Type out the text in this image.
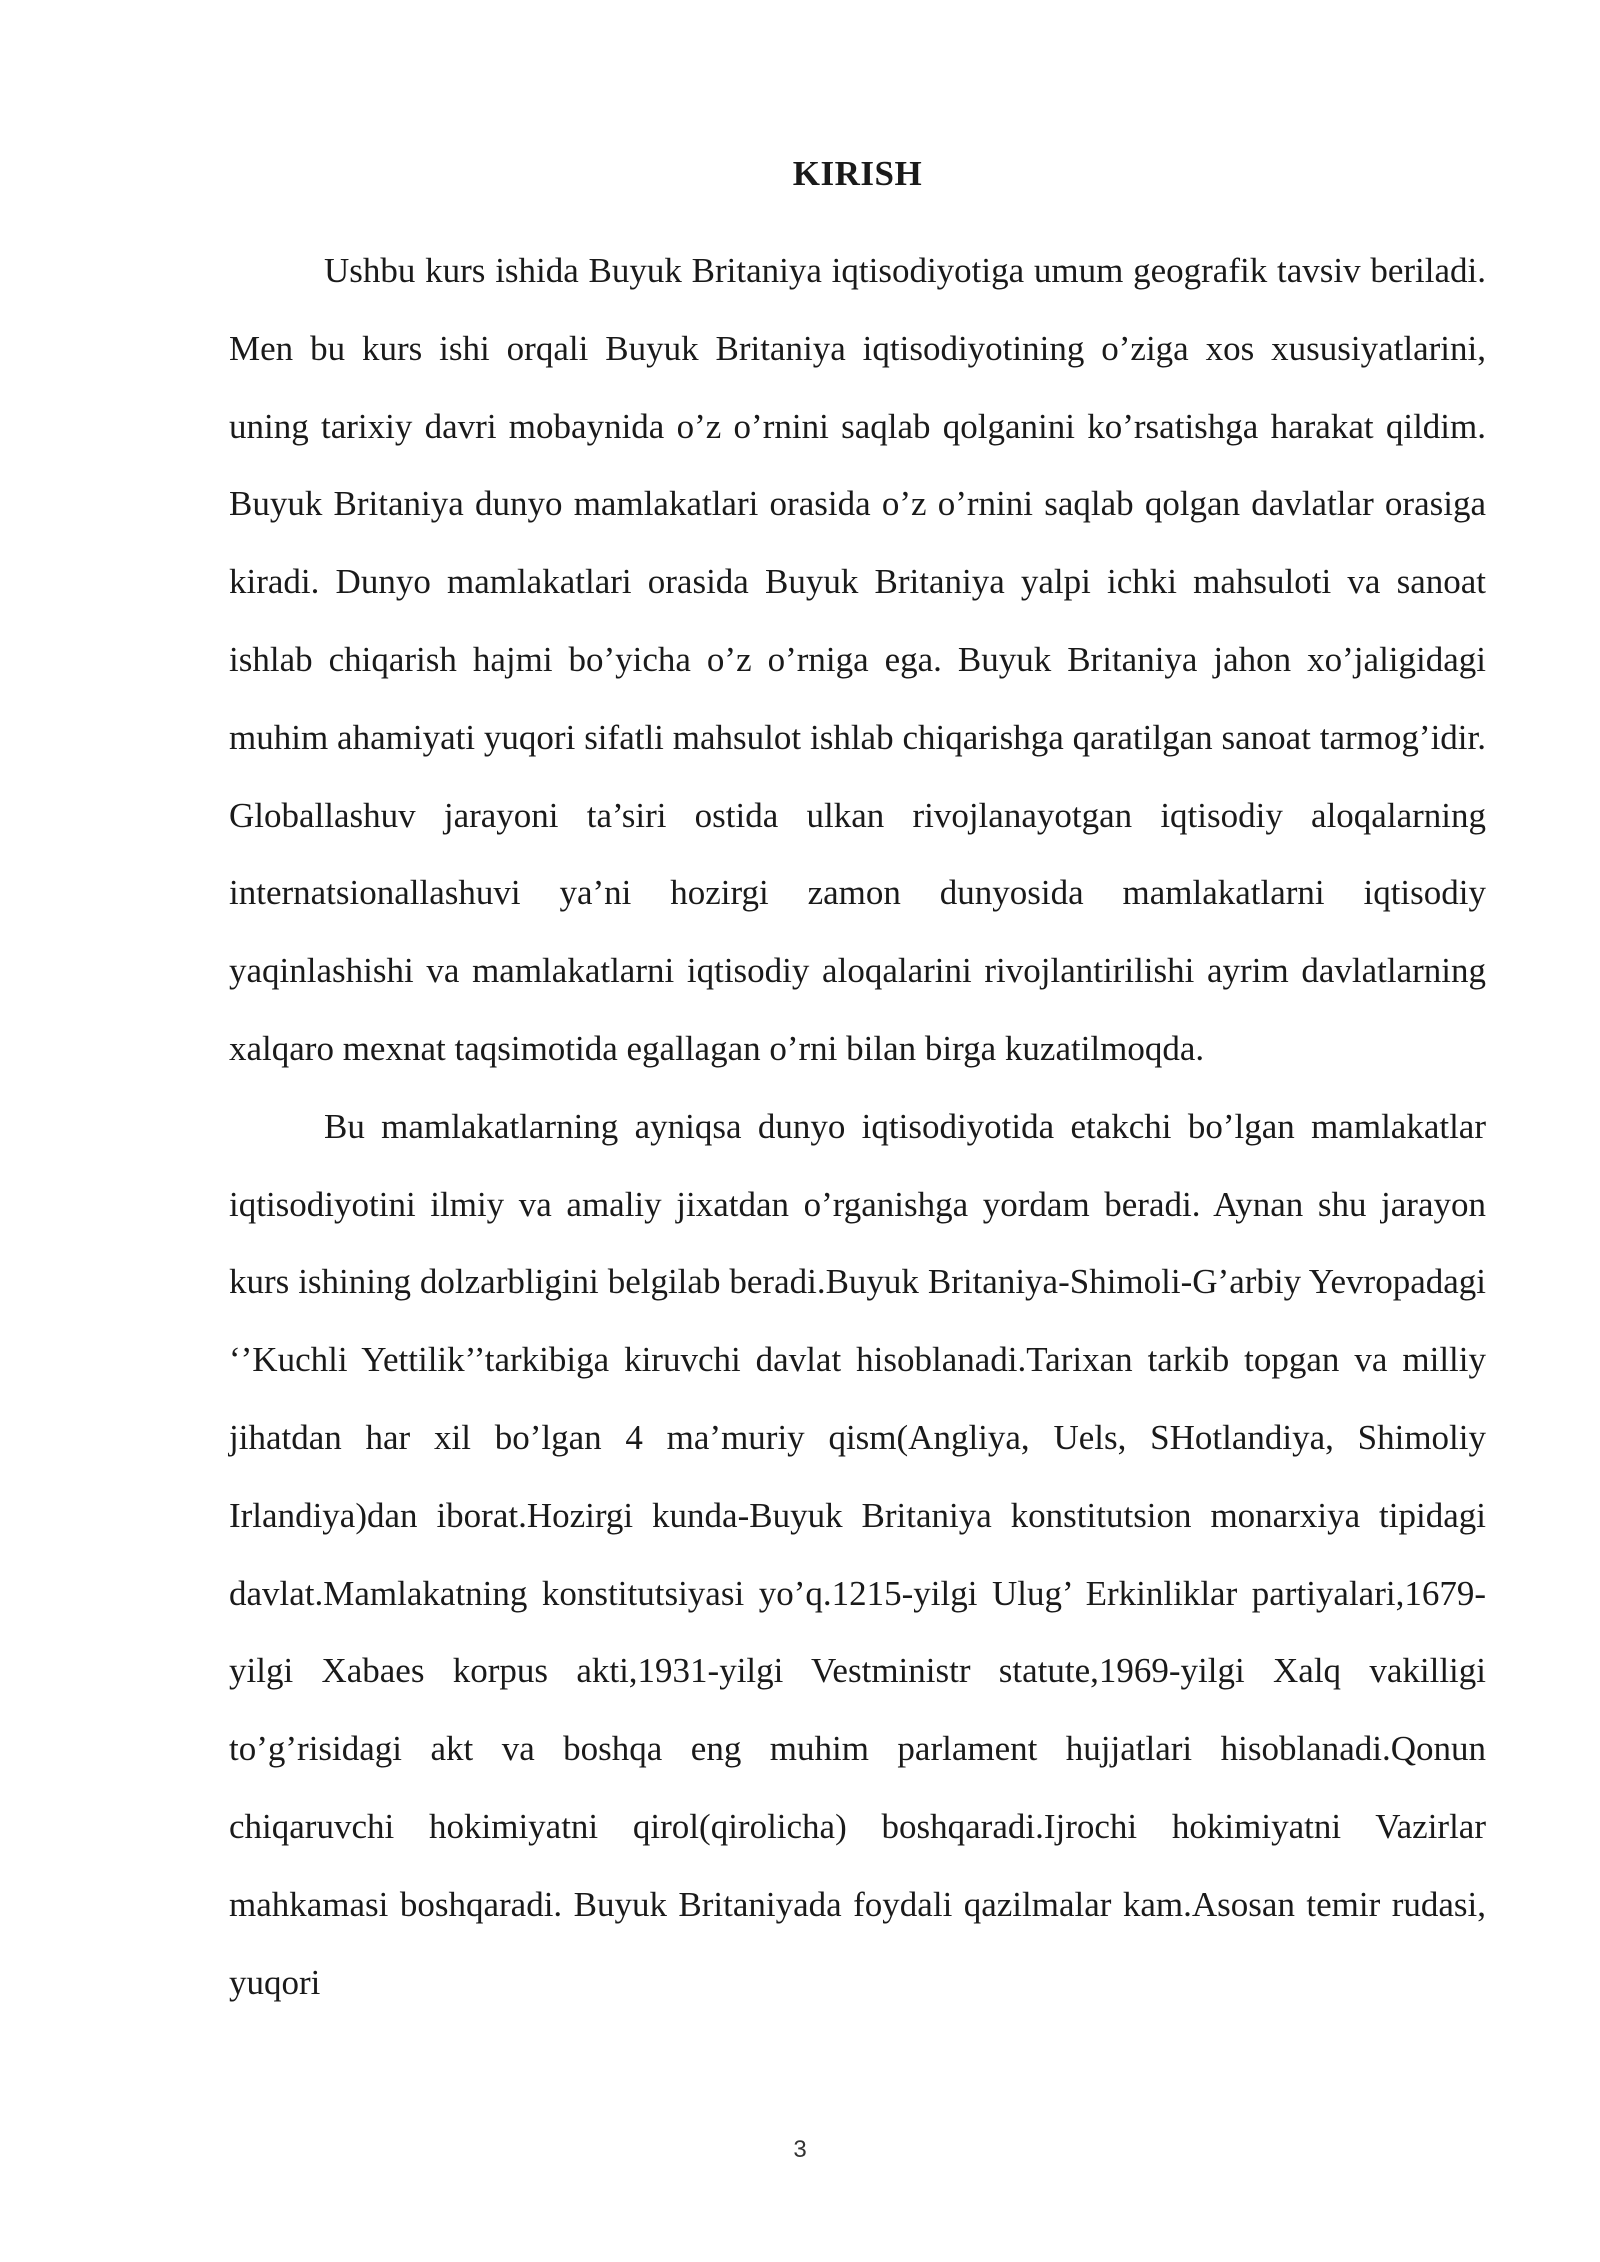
KIRISH

Ushbu kurs ishida Buyuk Britaniya iqtisodiyotiga umum geografik tavsiv beriladi. Men bu kurs ishi orqali Buyuk Britaniya iqtisodiyotining o’ziga xos xususiyatlarini, uning tarixiy davri mobaynida o’z o’rnini saqlab qolganini ko’rsatishga harakat qildim. Buyuk Britaniya dunyo mamlakatlari orasida o’z o’rnini saqlab qolgan davlatlar orasiga kiradi. Dunyo mamlakatlari orasida Buyuk Britaniya yalpi ichki mahsuloti va sanoat ishlab chiqarish hajmi bo’yicha o’z o’rniga ega. Buyuk Britaniya jahon xo’jaligidagi muhim ahamiyati yuqori sifatli mahsulot ishlab chiqarishga qaratilgan sanoat tarmog’idir. Globallashuv jarayoni ta’siri ostida ulkan rivojlanayotgan iqtisodiy aloqalarning internatsionallashuvi ya’ni hozirgi zamon dunyosida mamlakatlarni iqtisodiy yaqinlashishi va mamlakatlarni iqtisodiy aloqalarini rivojlantirilishi ayrim davlatlarning xalqaro mexnat taqsimotida egallagan o’rni bilan birga kuzatilmoqda.

Bu mamlakatlarning ayniqsa dunyo iqtisodiyotida etakchi bo’lgan mamlakatlar iqtisodiyotini ilmiy va amaliy jixatdan o’rganishga yordam beradi. Aynan shu jarayon kurs ishining dolzarbligini belgilab beradi.Buyuk Britaniya-Shimoli-G’arbiy Yevropadagi ‘’Kuchli Yettilik’’tarkibiga kiruvchi davlat hisoblanadi.Tarixan tarkib topgan va milliy jihatdan har xil bo’lgan 4 ma’muriy qism(Angliya, Uels, SHotlandiya, Shimoliy Irlandiya)dan iborat.Hozirgi kunda-Buyuk Britaniya konstitutsion monarxiya tipidagi davlat.Mamlakatning konstitutsiyasi yo’q.1215-yilgi Ulug’ Erkinliklar partiyalari,1679-yilgi Xabaes korpus akti,1931-yilgi Vestministr statute,1969-yilgi Xalq vakilligi to’g’risidagi akt va boshqa eng muhim parlament hujjatlari hisoblanadi.Qonun chiqaruvchi hokimiyatni qirol(qirolicha) boshqaradi.Ijrochi hokimiyatni Vazirlar mahkamasi boshqaradi. Buyuk Britaniyada foydali qazilmalar kam.Asosan temir rudasi, yuqori

3
